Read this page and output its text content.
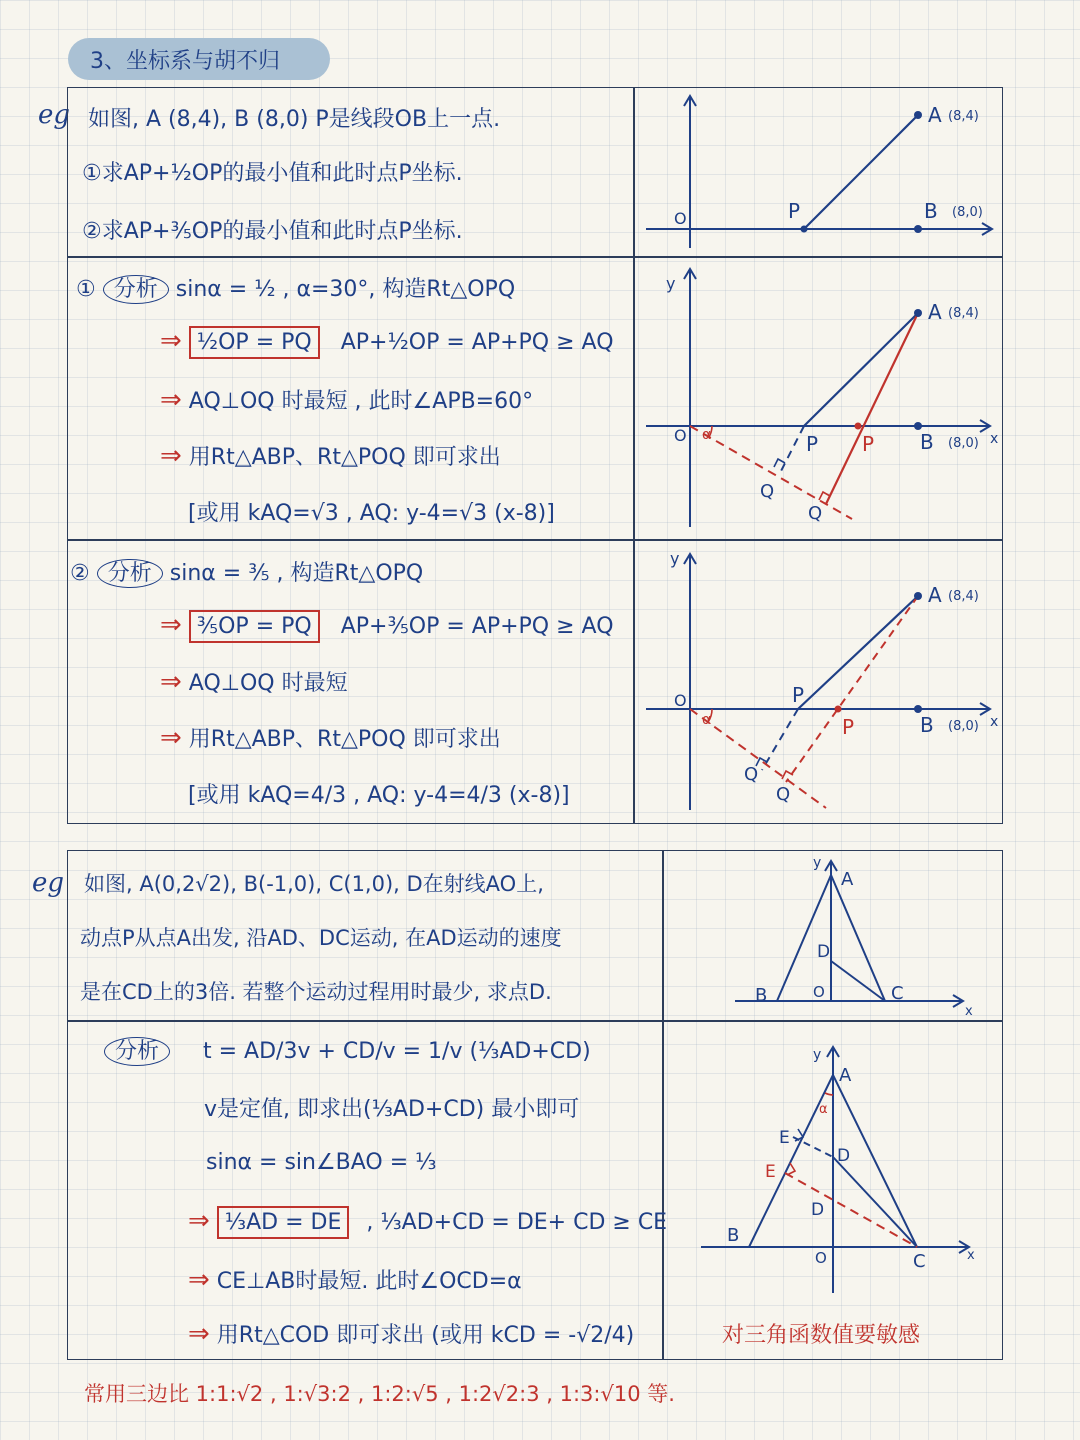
3、坐标系与胡不归
eg
eg
如图, A (8,4), B (8,0) P是线段OB上一点.
①求AP+½OP的最小值和此时点P坐标.
②求AP+⅗OP的最小值和此时点P坐标.
A (8,4)
B (8,0)
O	P
① 分析 sinα = ½ , α=30°, 构造Rt△OPQ
⇒ ½OP = PQ AP+½OP = AP+PQ ≥ AQ
⇒ AQ⊥OQ 时最短 , 此时∠APB=60°
⇒ 用Rt△ABP、Rt△POQ 即可求出
[或用 kAQ=√3 , AQ: y-4=√3 (x-8)]
y
x
A (8,4)
B (8,0)
O α	P P
Q
Q
② 分析 sinα = ⅗ , 构造Rt△OPQ
⇒ ⅗OP = PQ AP+⅗OP = AP+PQ ≥ AQ
⇒ AQ⊥OQ 时最短
⇒ 用Rt△ABP、Rt△POQ 即可求出
[或用 kAQ=4/3 , AQ: y-4=4/3 (x-8)]
y
x
A (8,4)
B (8,0)
O
α
P
P
Q
Q
如图, A(0,2√2), B(-1,0), C(1,0), D在射线AO上,
动点P从点A出发, 沿AD、DC运动, 在AD运动的速度
是在CD上的3倍. 若整个运动过程用时最少, 求点D.
y
x
A
B	C
D
O
分析 t = AD/3v + CD/v = 1/v (⅓AD+CD)
v是定值, 即求出(⅓AD+CD) 最小即可
sinα = sin∠BAO = ⅓
⇒ ⅓AD = DE , ⅓AD+CD = DE+ CD ≥ CE
⇒ CE⊥AB时最短. 此时∠OCD=α
⇒ 用Rt△COD 即可求出 (或用 kCD = -√2/4)
y
x
A
B
C
D
D
E
E
O
α
对三角函数值要敏感
常用三边比 1:1:√2 , 1:√3:2 , 1:2:√5 , 1:2√2:3 , 1:3:√10 等.
